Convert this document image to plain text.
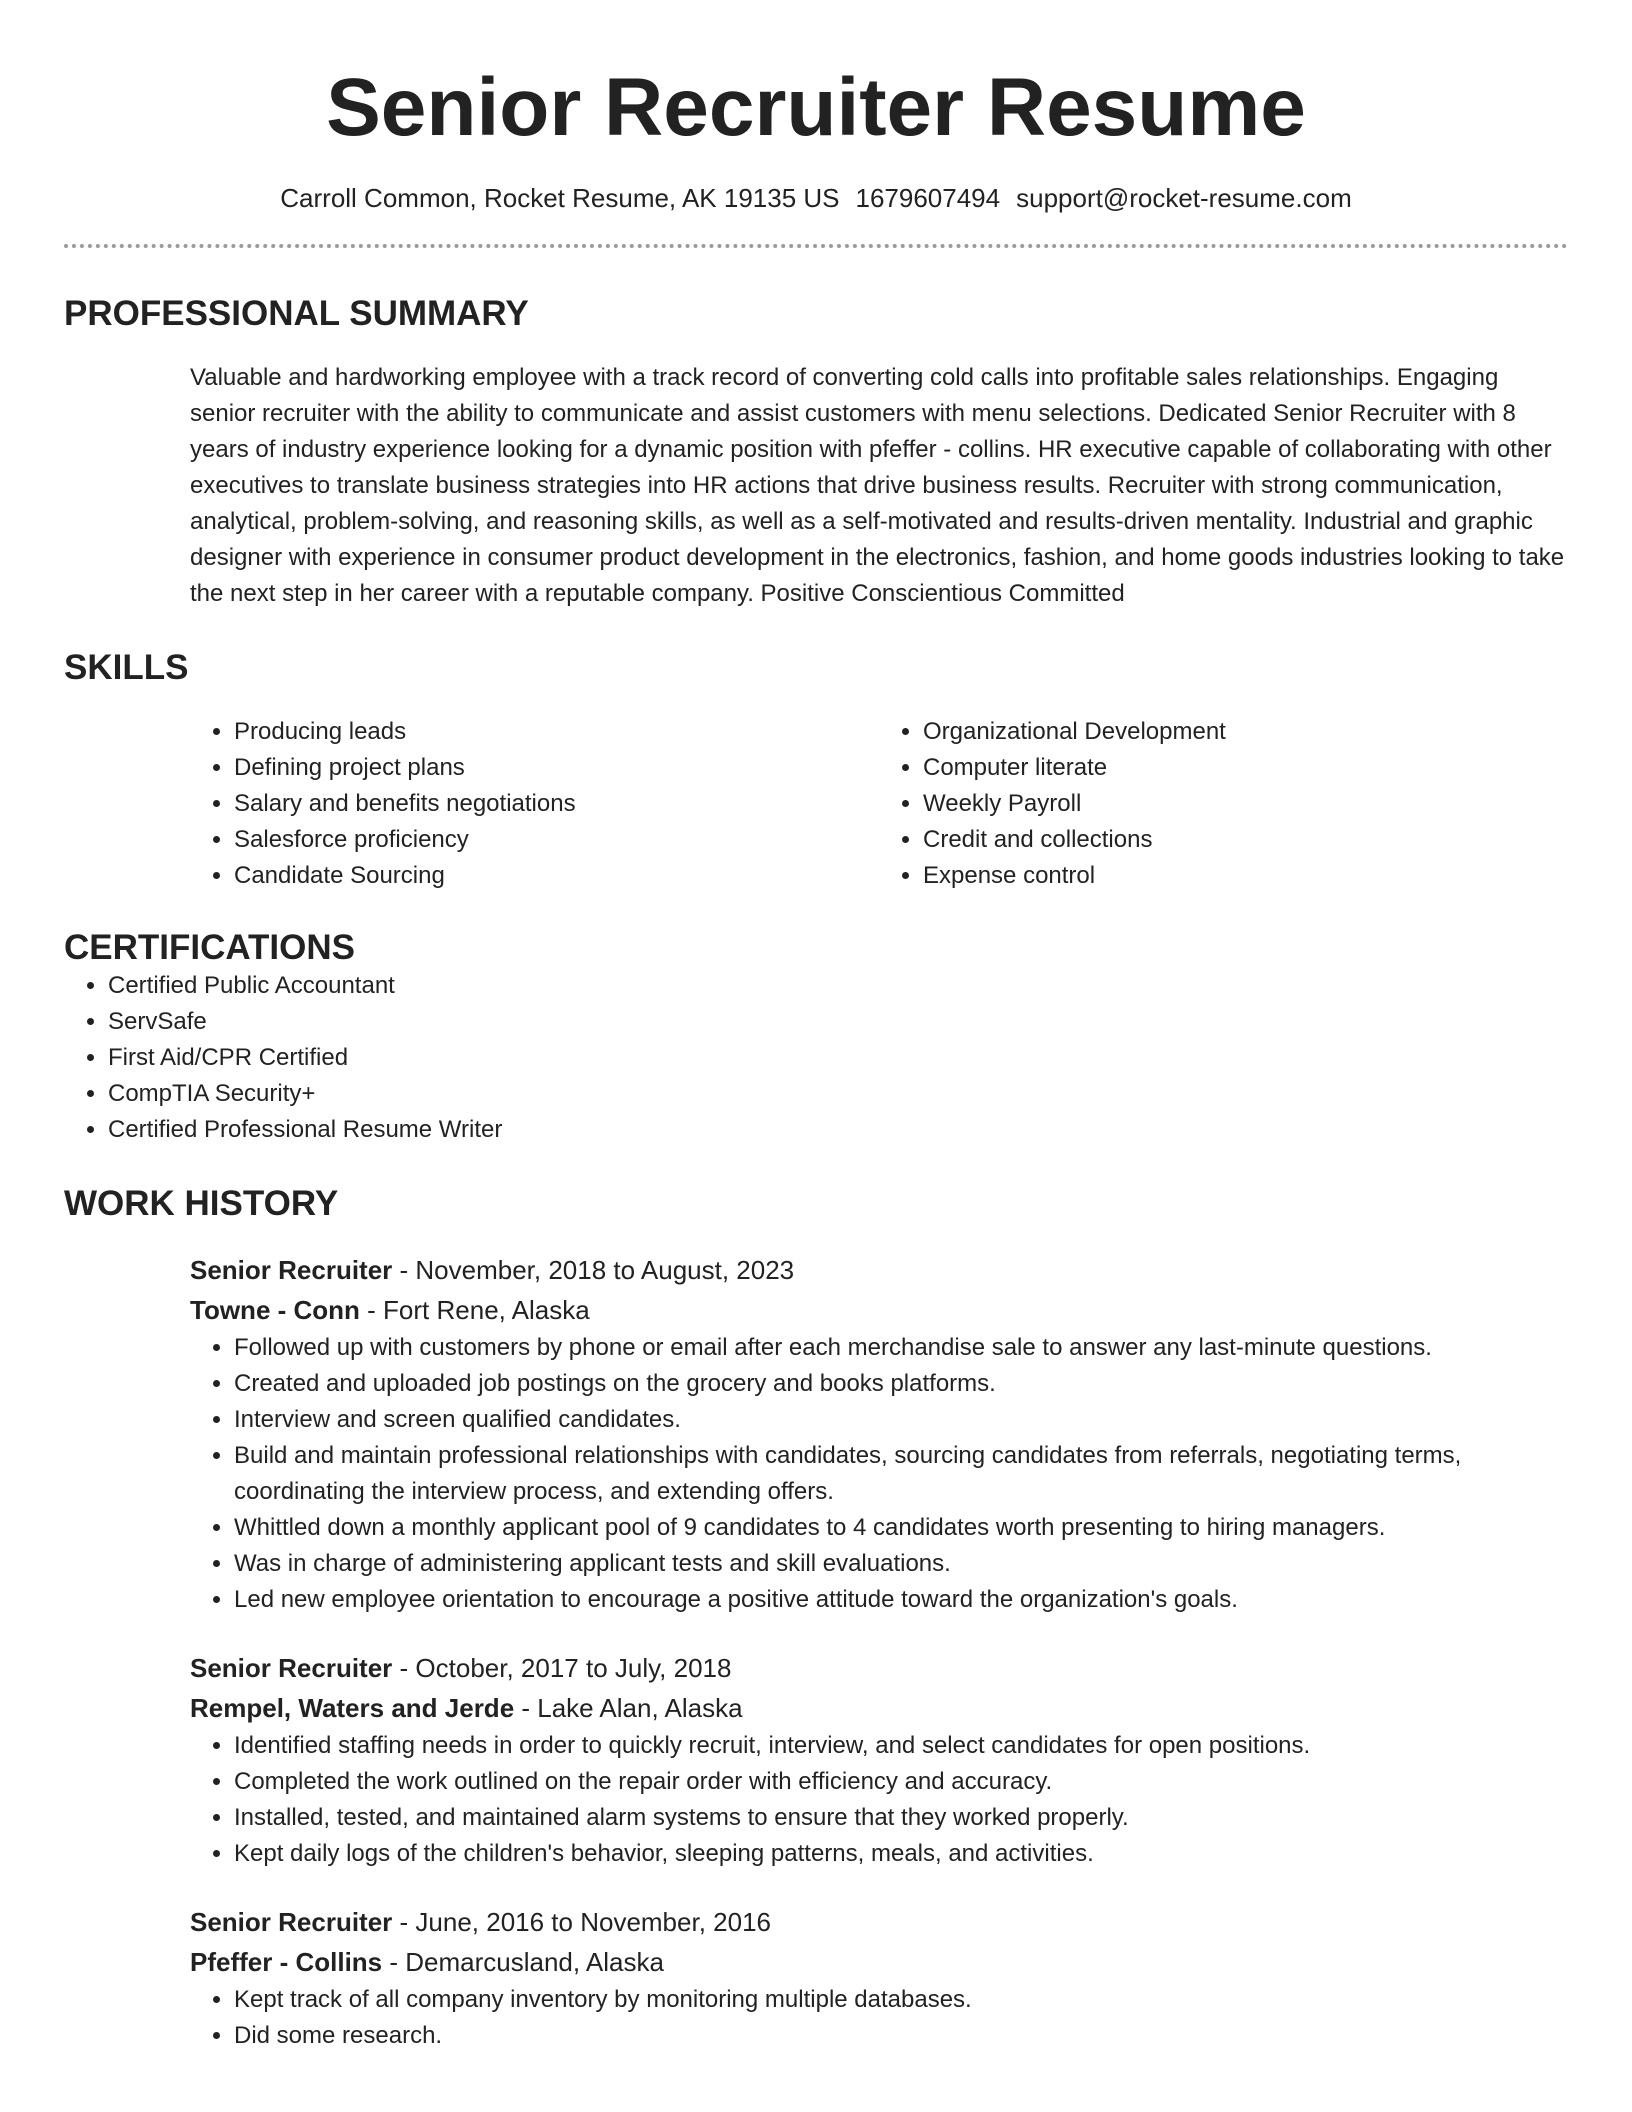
Senior Recruiter Resume
Carroll Common, Rocket Resume, AK 19135 US 1679607494 support@rocket-resume.com
PROFESSIONAL SUMMARY

Valuable and hardworking employee with a track record of converting cold calls into profitable sales relationships. Engaging senior recruiter with the ability to communicate and assist customers with menu selections. Dedicated Senior Recruiter with 8 years of industry experience looking for a dynamic position with pfeffer - collins. HR executive capable of collaborating with other executives to translate business strategies into HR actions that drive business results. Recruiter with strong communication, analytical, problem-solving, and reasoning skills, as well as a self-motivated and results-driven mentality. Industrial and graphic designer with experience in consumer product development in the electronics, fashion, and home goods industries looking to take the next step in her career with a reputable company. Positive Conscientious Committed

SKILLS
• Producing leads
• Defining project plans
• Salary and benefits negotiations
• Salesforce proficiency
• Candidate Sourcing
• Organizational Development
• Computer literate
• Weekly Payroll
• Credit and collections
• Expense control
CERTIFICATIONS
• Certified Public Accountant
• ServSafe
• First Aid/CPR Certified
• CompTIA Security+
• Certified Professional Resume Writer
WORK HISTORY
Senior Recruiter - November, 2018 to August, 2023
Towne - Conn - Fort Rene, Alaska
• Followed up with customers by phone or email after each merchandise sale to answer any last-minute questions.
• Created and uploaded job postings on the grocery and books platforms.
• Interview and screen qualified candidates.
• Build and maintain professional relationships with candidates, sourcing candidates from referrals, negotiating terms, coordinating the interview process, and extending offers.
• Whittled down a monthly applicant pool of 9 candidates to 4 candidates worth presenting to hiring managers.
• Was in charge of administering applicant tests and skill evaluations.
• Led new employee orientation to encourage a positive attitude toward the organization's goals.
Senior Recruiter - October, 2017 to July, 2018
Rempel, Waters and Jerde - Lake Alan, Alaska
• Identified staffing needs in order to quickly recruit, interview, and select candidates for open positions.
• Completed the work outlined on the repair order with efficiency and accuracy.
• Installed, tested, and maintained alarm systems to ensure that they worked properly.
• Kept daily logs of the children's behavior, sleeping patterns, meals, and activities.
Senior Recruiter - June, 2016 to November, 2016
Pfeffer - Collins - Demarcusland, Alaska
• Kept track of all company inventory by monitoring multiple databases.
• Did some research.
